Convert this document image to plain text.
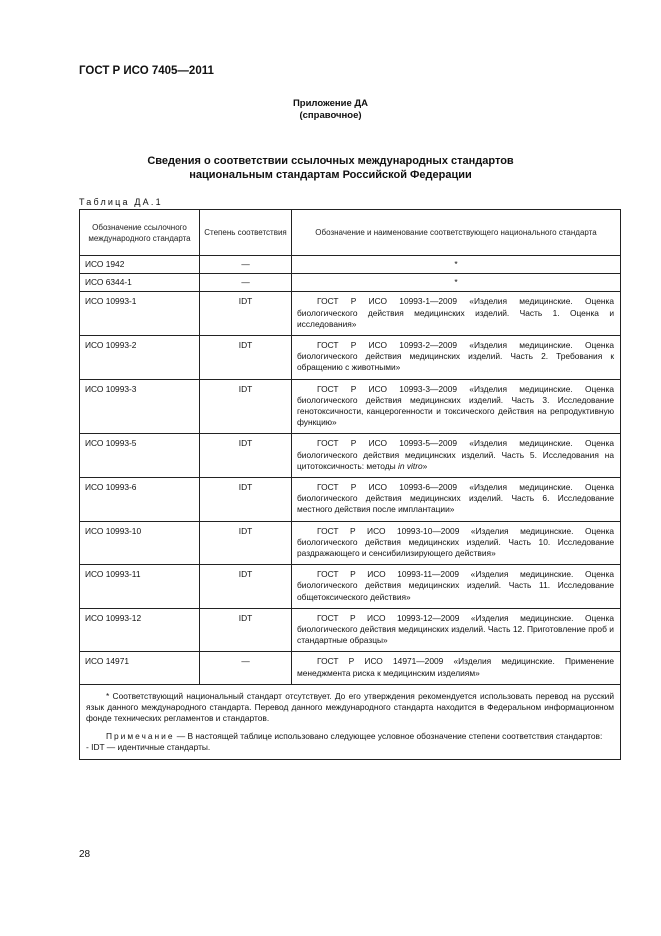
ГОСТ Р ИСО 7405—2011
Приложение ДА
(справочное)
Сведения о соответствии ссылочных международных стандартов
национальным стандартам Российской Федерации
Таблица ДА.1
Обозначение ссылочного международного стандарта	Степень соответствия	Обозначение и наименование соответствующего национального стандарта
ИСО 1942	—	*
ИСО 6344-1	—	*
ИСО 10993-1	IDT	ГОСТ Р ИСО 10993-1—2009 «Изделия медицинские. Оценка биологического действия медицинских изделий. Часть 1. Оценка и исследования»
ИСО 10993-2	IDT	ГОСТ Р ИСО 10993-2—2009 «Изделия медицинские. Оценка биологического действия медицинских изделий. Часть 2. Требования к обращению с животными»
ИСО 10993-3	IDT	ГОСТ Р ИСО 10993-3—2009 «Изделия медицинские. Оценка биологического действия медицинских изделий. Часть 3. Исследование генотоксичности, канцерогенности и токсического действия на репродуктивную функцию»
ИСО 10993-5	IDT	ГОСТ Р ИСО 10993-5—2009 «Изделия медицинские. Оценка биологического действия медицинских изделий. Часть 5. Исследования на цитотоксичность: методы in vitro»
ИСО 10993-6	IDT	ГОСТ Р ИСО 10993-6—2009 «Изделия медицинские. Оценка биологического действия медицинских изделий. Часть 6. Исследование местного действия после имплантации»
ИСО 10993-10	IDT	ГОСТ Р ИСО 10993-10—2009 «Изделия медицинские. Оценка биологического действия медицинских изделий. Часть 10. Исследование раздражающего и сенсибилизирующего действия»
ИСО 10993-11	IDT	ГОСТ Р ИСО 10993-11—2009 «Изделия медицинские. Оценка биологического действия медицинских изделий. Часть 11. Исследование общетоксического действия»
ИСО 10993-12	IDT	ГОСТ Р ИСО 10993-12—2009 «Изделия медицинские. Оценка биологического действия медицинских изделий. Часть 12. Приготовление проб и стандартные образцы»
ИСО 14971	—	ГОСТ Р ИСО 14971—2009 «Изделия медицинские. Применение менеджмента риска к медицинским изделиям»

* Соответствующий национальный стандарт отсутствует. До его утверждения рекомендуется использовать перевод на русский язык данного международного стандарта. Перевод данного международного стандарта находится в Федеральном информационном фонде технических регламентов и стандартов.

Примечание — В настоящей таблице использовано следующее условное обозначение степени соответствия стандартов:

- IDT — идентичные стандарты.		

28
